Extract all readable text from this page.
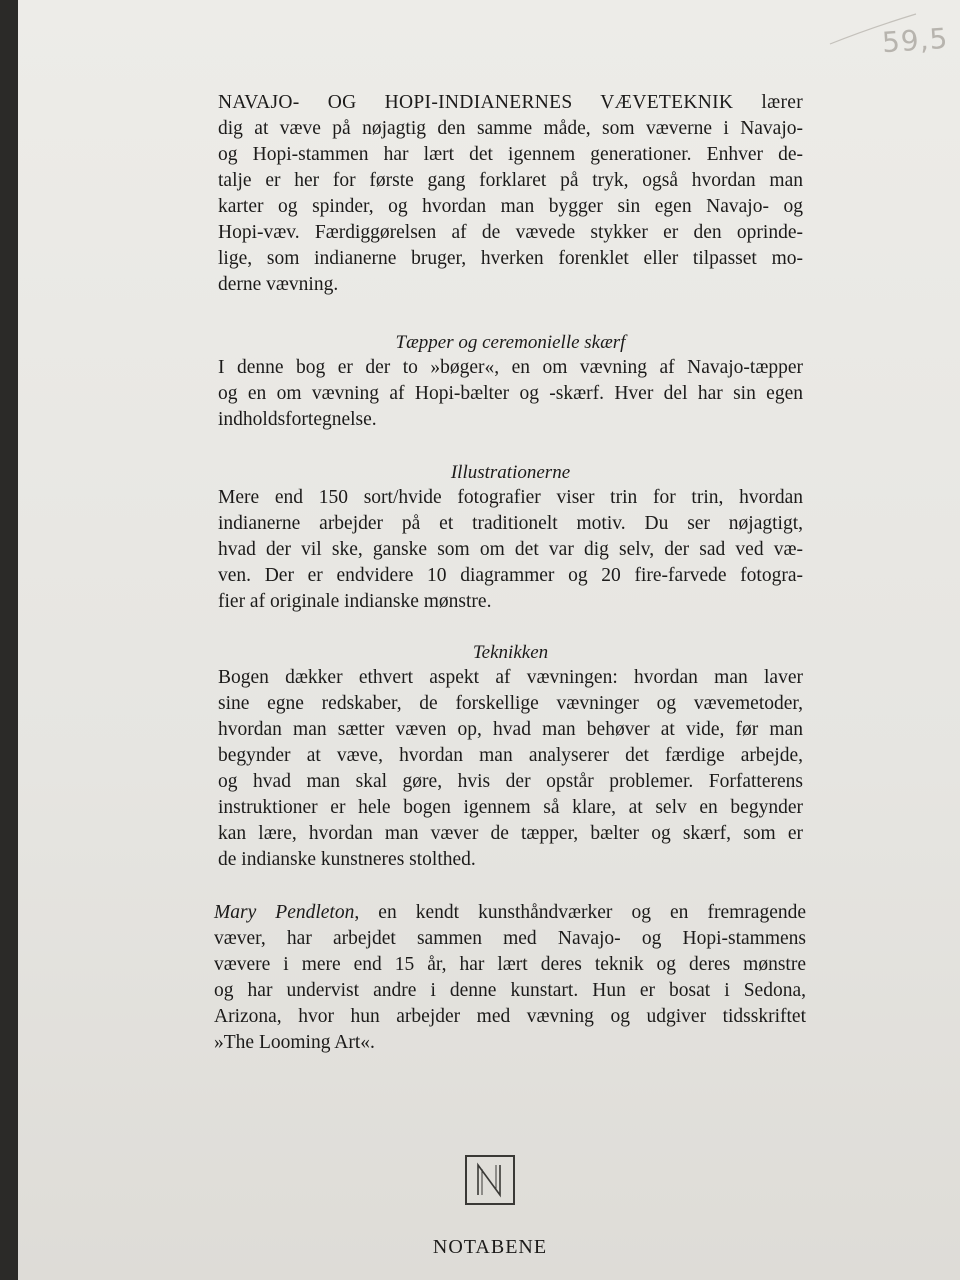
59,5
NAVAJO- OG HOPI-INDIANERNES VÆVETEKNIK lærer
dig at væve på nøjagtig den samme måde, som væverne i Navajo-
og Hopi-stammen har lært det igennem generationer. Enhver de-
talje er her for første gang forklaret på tryk, også hvordan man
karter og spinder, og hvordan man bygger sin egen Navajo- og
Hopi-væv. Færdiggørelsen af de vævede stykker er den oprinde-
lige, som indianerne bruger, hverken forenklet eller tilpasset mo-
derne vævning.
Tæpper og ceremonielle skærf
I denne bog er der to »bøger«, en om vævning af Navajo-tæpper
og en om vævning af Hopi-bælter og -skærf. Hver del har sin egen
indholdsfortegnelse.
Illustrationerne
Mere end 150 sort/hvide fotografier viser trin for trin, hvordan
indianerne arbejder på et traditionelt motiv. Du ser nøjagtigt,
hvad der vil ske, ganske som om det var dig selv, der sad ved væ-
ven. Der er endvidere 10 diagrammer og 20 fire-farvede fotogra-
fier af originale indianske mønstre.
Teknikken
Bogen dækker ethvert aspekt af vævningen: hvordan man laver
sine egne redskaber, de forskellige vævninger og vævemetoder,
hvordan man sætter væven op, hvad man behøver at vide, før man
begynder at væve, hvordan man analyserer det færdige arbejde,
og hvad man skal gøre, hvis der opstår problemer. Forfatterens
instruktioner er hele bogen igennem så klare, at selv en begynder
kan lære, hvordan man væver de tæpper, bælter og skærf, som er
de indianske kunstneres stolthed.
Mary Pendleton, en kendt kunsthåndværker og en fremragende
væver, har arbejdet sammen med Navajo- og Hopi-stammens
vævere i mere end 15 år, har lært deres teknik og deres mønstre
og har undervist andre i denne kunstart. Hun er bosat i Sedona,
Arizona, hvor hun arbejder med vævning og udgiver tidsskriftet
»The Looming Art«.
NOTABENE
